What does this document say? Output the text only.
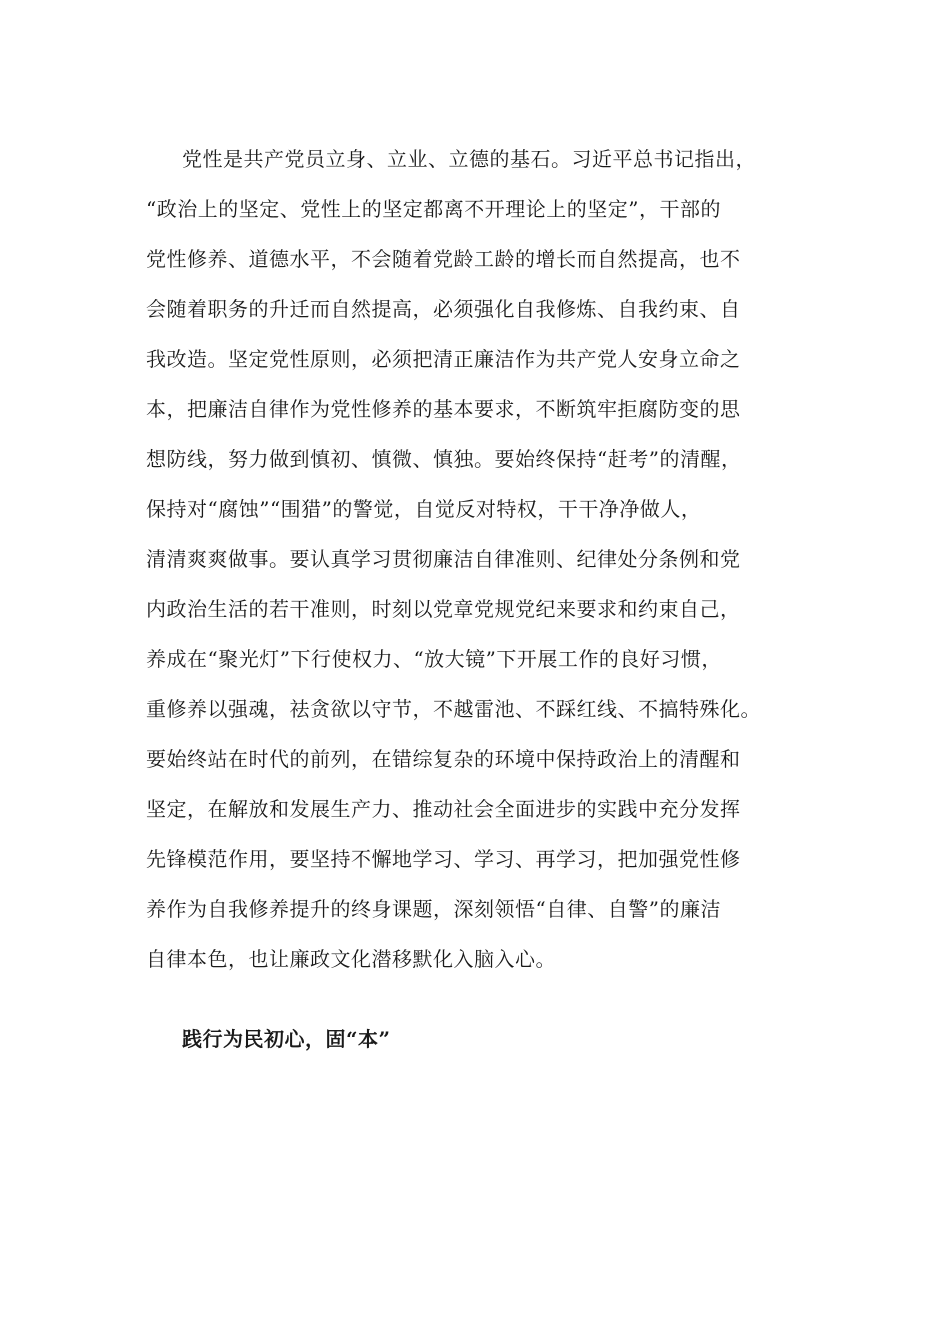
党性是共产党员立身、立业、立德的基石。习近平总书记指出，
“政治上的坚定、党性上的坚定都离不开理论上的坚定”，干部的
党性修养、道德水平，不会随着党龄工龄的增长而自然提高，也不
会随着职务的升迁而自然提高，必须强化自我修炼、自我约束、自
我改造。坚定党性原则，必须把清正廉洁作为共产党人安身立命之
本，把廉洁自律作为党性修养的基本要求，不断筑牢拒腐防变的思
想防线，努力做到慎初、慎微、慎独。要始终保持“赶考”的清醒，
保持对“腐蚀”“围猎”的警觉，自觉反对特权，干干净净做人，
清清爽爽做事。要认真学习贯彻廉洁自律准则、纪律处分条例和党
内政治生活的若干准则，时刻以党章党规党纪来要求和约束自己，
养成在“聚光灯”下行使权力、“放大镜”下开展工作的良好习惯，
重修养以强魂，祛贪欲以守节，不越雷池、不踩红线、不搞特殊化。
要始终站在时代的前列，在错综复杂的环境中保持政治上的清醒和
坚定，在解放和发展生产力、推动社会全面进步的实践中充分发挥
先锋模范作用，要坚持不懈地学习、学习、再学习，把加强党性修
养作为自我修养提升的终身课题，深刻领悟“自律、自警”的廉洁
自律本色，也让廉政文化潜移默化入脑入心。
践行为民初心，固“本”
